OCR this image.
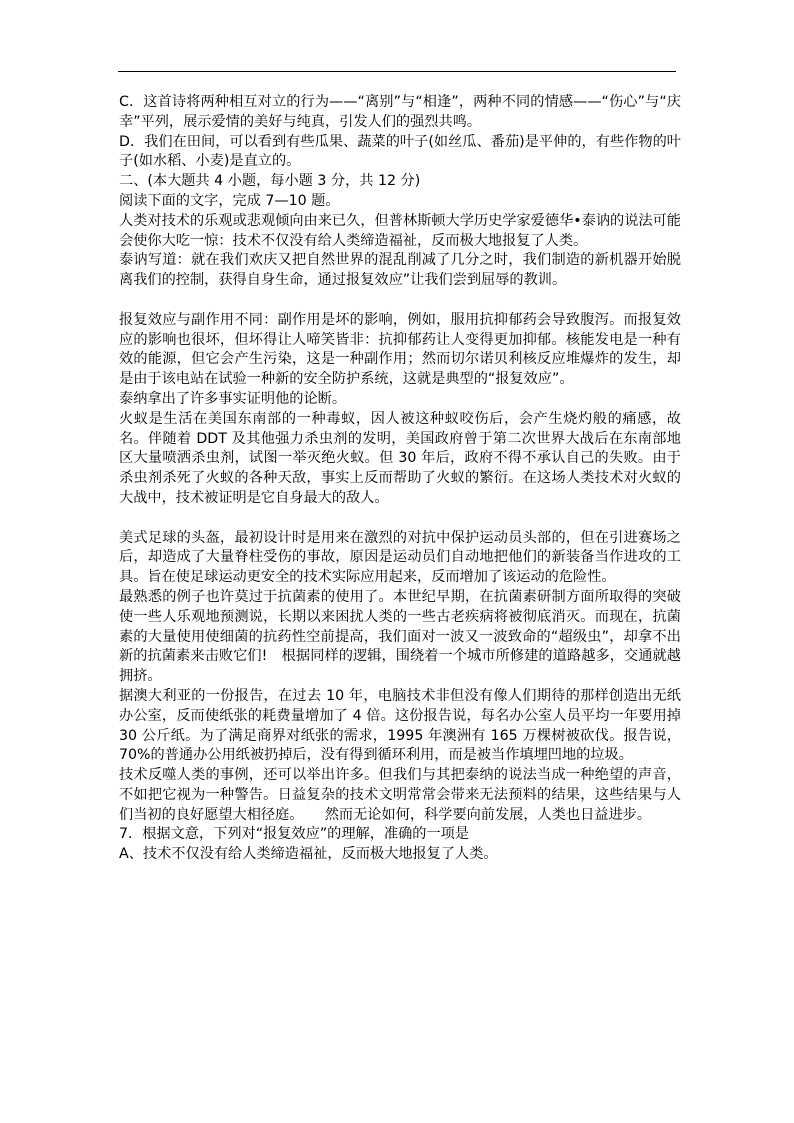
C．这首诗将两种相互对立的行为——“离别”与“相逢”，两种不同的情感——“伤心”与“庆幸”平列，展示爱情的美好与纯真，引发人们的强烈共鸣。

D．我们在田间，可以看到有些瓜果、蔬菜的叶子(如丝瓜、番茄)是平伸的，有些作物的叶子(如水稻、小麦)是直立的。

二、(本大题共 4 小题，每小题 3 分，共 12 分)

阅读下面的文字，完成 7—10 题。

人类对技术的乐观或悲观倾向由来已久，但普林斯顿大学历史学家爱德华•泰讷的说法可能会使你大吃一惊：技术不仅没有给人类缔造福祉，反而极大地报复了人类。

泰讷写道：就在我们欢庆又把自然世界的混乱削减了几分之时，我们制造的新机器开始脱离我们的控制，获得自身生命，通过报复效应”让我们尝到屈辱的教训。

报复效应与副作用不同：副作用是坏的影响，例如，服用抗抑郁药会导致腹泻。而报复效应的影响也很坏，但坏得让人啼笑皆非：抗抑郁药让人变得更加抑郁。核能发电是一种有效的能源，但它会产生污染，这是一种副作用；然而切尔诺贝利核反应堆爆炸的发生，却是由于该电站在试验一种新的安全防护系统，这就是典型的“报复效应”。

泰纳拿出了许多事实证明他的论断。

火蚁是生活在美国东南部的一种毒蚁，因人被这种蚁咬伤后，会产生烧灼般的痛感，故名。伴随着 DDT 及其他强力杀虫剂的发明，美国政府曾于第二次世界大战后在东南部地区大量喷洒杀虫剂，试图一举灭绝火蚁。但 30 年后，政府不得不承认自己的失败。由于杀虫剂杀死了火蚁的各种天敌，事实上反而帮助了火蚁的繁衍。在这场人类技术对火蚁的大战中，技术被证明是它自身最大的敌人。

美式足球的头盔，最初设计时是用来在激烈的对抗中保护运动员头部的，但在引进赛场之后，却造成了大量脊柱受伤的事故，原因是运动员们自动地把他们的新装备当作进攻的工具。旨在使足球运动更安全的技术实际应用起来，反而增加了该运动的危险性。

最熟悉的例子也许莫过于抗菌素的使用了。本世纪早期，在抗菌素研制方面所取得的突破使一些人乐观地预测说，长期以来困扰人类的一些古老疾病将被彻底消灭。而现在，抗菌素的大量使用使细菌的抗药性空前提高，我们面对一波又一波致命的“超级虫”，却拿不出新的抗菌素来击败它们!　根据同样的逻辑，围绕着一个城市所修建的道路越多，交通就越拥挤。

据澳大利亚的一份报告，在过去 10 年，电脑技术非但没有像人们期待的那样创造出无纸办公室，反而使纸张的耗费量增加了 4 倍。这份报告说，每名办公室人员平均一年要用掉 30 公斤纸。为了满足商界对纸张的需求，1995 年澳洲有 165 万棵树被砍伐。报告说，70%的普通办公用纸被扔掉后，没有得到循环利用，而是被当作填埋凹地的垃圾。

技术反噬人类的事例，还可以举出许多。但我们与其把泰纳的说法当成一种绝望的声音，不如把它视为一种警告。日益复杂的技术文明常常会带来无法预料的结果，这些结果与人们当初的良好愿望大相径庭。　　然而无论如何，科学要向前发展，人类也日益进步。

7．根据文意，下列对“报复效应”的理解，准确的一项是

A、技术不仅没有给人类缔造福祉，反而极大地报复了人类。
